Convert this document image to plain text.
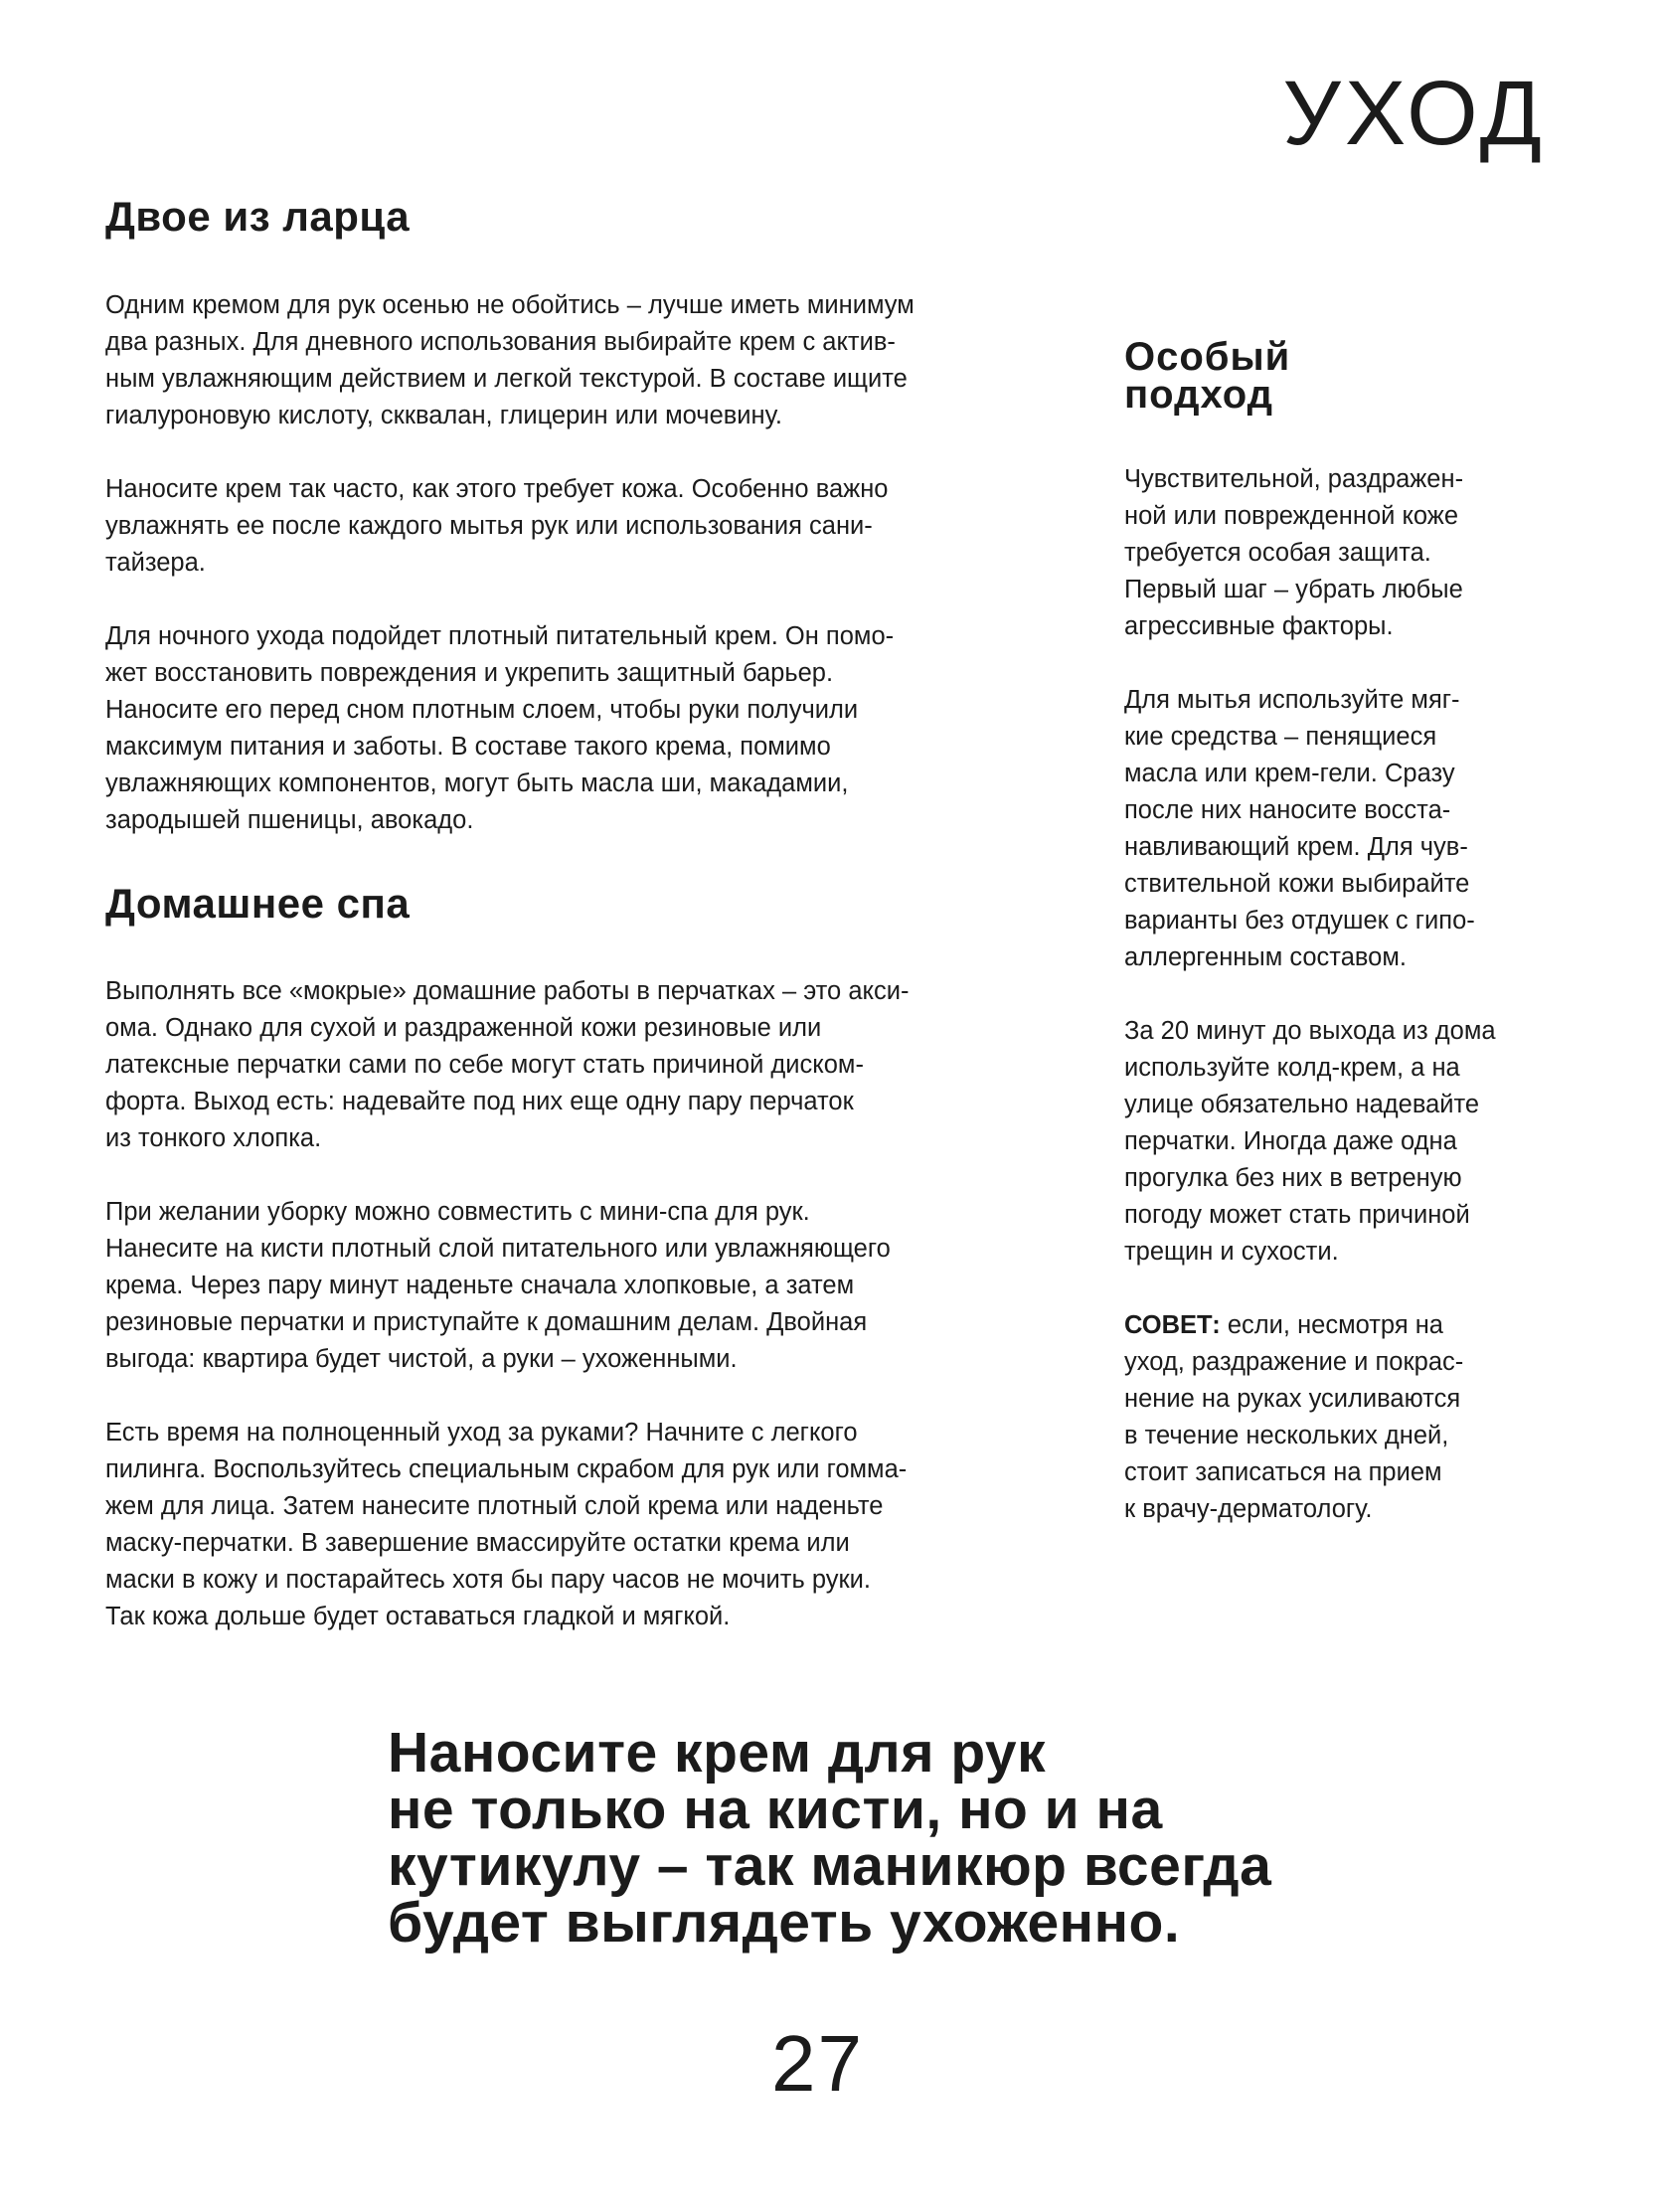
УХОД
Двое из ларца

Одним кремом для рук осенью не обойтись – лучше иметь минимум
два разных. Для дневного использования выбирайте крем с актив-
ным увлажняющим действием и легкой текстурой. В составе ищите
гиалуроновую кислоту, скквалан, глицерин или мочевину.

Наносите крем так часто, как этого требует кожа. Особенно важно
увлажнять ее после каждого мытья рук или использования сани-
тайзера.

Для ночного ухода подойдет плотный питательный крем. Он помо-
жет восстановить повреждения и укрепить защитный барьер.
Наносите его перед сном плотным слоем, чтобы руки получили
максимум питания и заботы. В составе такого крема, помимо
увлажняющих компонентов, могут быть масла ши, макадамии,
зародышей пшеницы, авокадо.

Домашнее спа

Выполнять все «мокрые» домашние работы в перчатках – это акси-
ома. Однако для сухой и раздраженной кожи резиновые или
латексные перчатки сами по себе могут стать причиной диском-
форта. Выход есть: надевайте под них еще одну пару перчаток
из тонкого хлопка.

При желании уборку можно совместить с мини-спа для рук.
Нанесите на кисти плотный слой питательного или увлажняющего
крема. Через пару минут наденьте сначала хлопковые, а затем
резиновые перчатки и приступайте к домашним делам. Двойная
выгода: квартира будет чистой, а руки – ухоженными.

Есть время на полноценный уход за руками? Начните с легкого
пилинга. Воспользуйтесь специальным скрабом для рук или гомма-
жем для лица. Затем нанесите плотный слой крема или наденьте
маску-перчатки. В завершение вмассируйте остатки крема или
маски в кожу и постарайтесь хотя бы пару часов не мочить руки.
Так кожа дольше будет оставаться гладкой и мягкой.

Особый
подход

Чувствительной, раздражен-
ной или поврежденной коже
требуется особая защита.
Первый шаг – убрать любые
агрессивные факторы.

Для мытья используйте мяг-
кие средства – пенящиеся
масла или крем-гели. Сразу
после них наносите восста-
навливающий крем. Для чув-
ствительной кожи выбирайте
варианты без отдушек с гипо-
аллергенным составом.

За 20 минут до выхода из дома
используйте колд-крем, а на
улице обязательно надевайте
перчатки. Иногда даже одна
прогулка без них в ветреную
погоду может стать причиной
трещин и сухости.

СОВЕТ: если, несмотря на
уход, раздражение и покрас-
нение на руках усиливаются
в течение нескольких дней,
стоит записаться на прием
к врачу-дерматологу.

Наносите крем для рук
не только на кисти, но и на
кутикулу – так маникюр всегда
будет выглядеть ухоженно.
27
